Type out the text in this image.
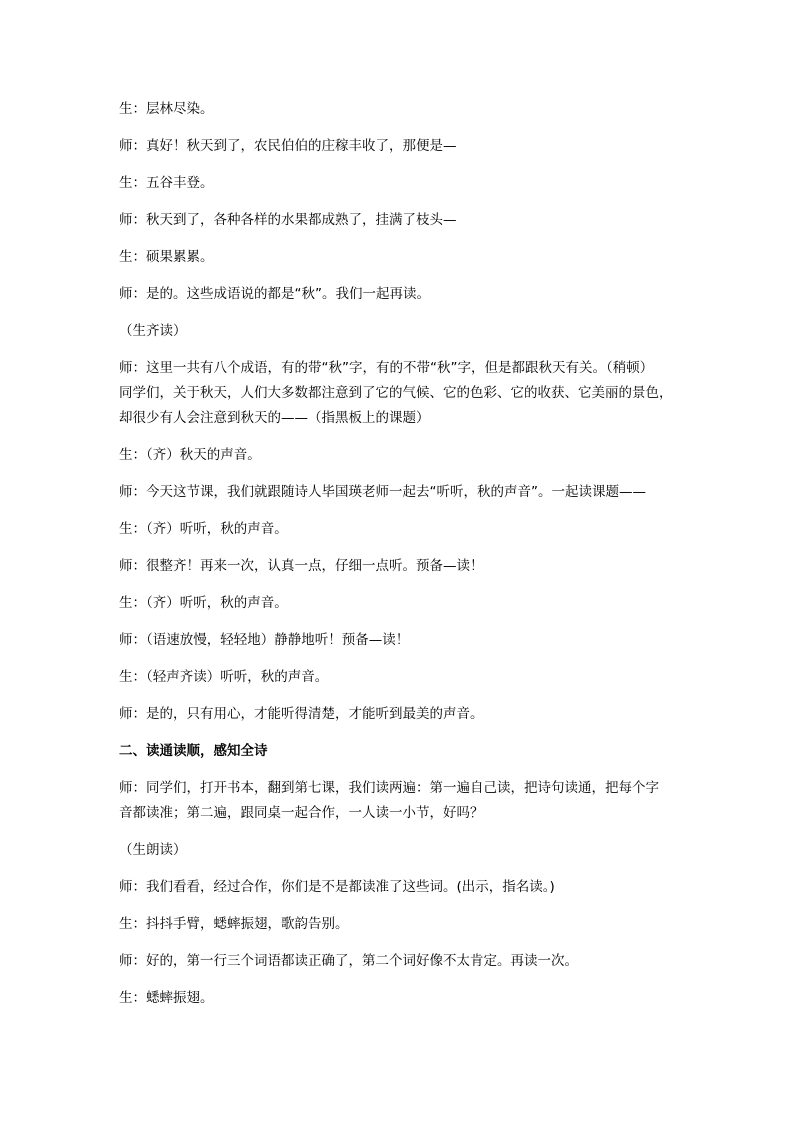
生：层林尽染。
师：真好！秋天到了，农民伯伯的庄稼丰收了，那便是—
生：五谷丰登。
师：秋天到了，各种各样的水果都成熟了，挂满了枝头—
生：硕果累累。
师：是的。这些成语说的都是“秋”。我们一起再读。
（生齐读）
师：这里一共有八个成语，有的带“秋”字，有的不带“秋”字，但是都跟秋天有关。（稍顿）
同学们，关于秋天，人们大多数都注意到了它的气候、它的色彩、它的收获、它美丽的景色，
却很少有人会注意到秋天的——（指黑板上的课题）
生：（齐）秋天的声音。
师：今天这节课，我们就跟随诗人毕国瑛老师一起去“听听，秋的声音”。一起读课题——
生：（齐）听听，秋的声音。
师：很整齐！再来一次，认真一点，仔细一点听。预备—读！
生：（齐）听听，秋的声音。
师：（语速放慢，轻轻地）静静地听！预备—读！
生：（轻声齐读）听听，秋的声音。
师：是的，只有用心，才能听得清楚，才能听到最美的声音。
二、读通读顺，感知全诗
师：同学们，打开书本，翻到第七课，我们读两遍：第一遍自己读，把诗句读通，把每个字
音都读准；第二遍，跟同桌一起合作，一人读一小节，好吗？
（生朗读）
师：我们看看，经过合作，你们是不是都读准了这些词。(出示，指名读。)
生：抖抖手臂，蟋蟀振翅，歌韵告别。
师：好的，第一行三个词语都读正确了，第二个词好像不太肯定。再读一次。
生：蟋蟀振翅。
